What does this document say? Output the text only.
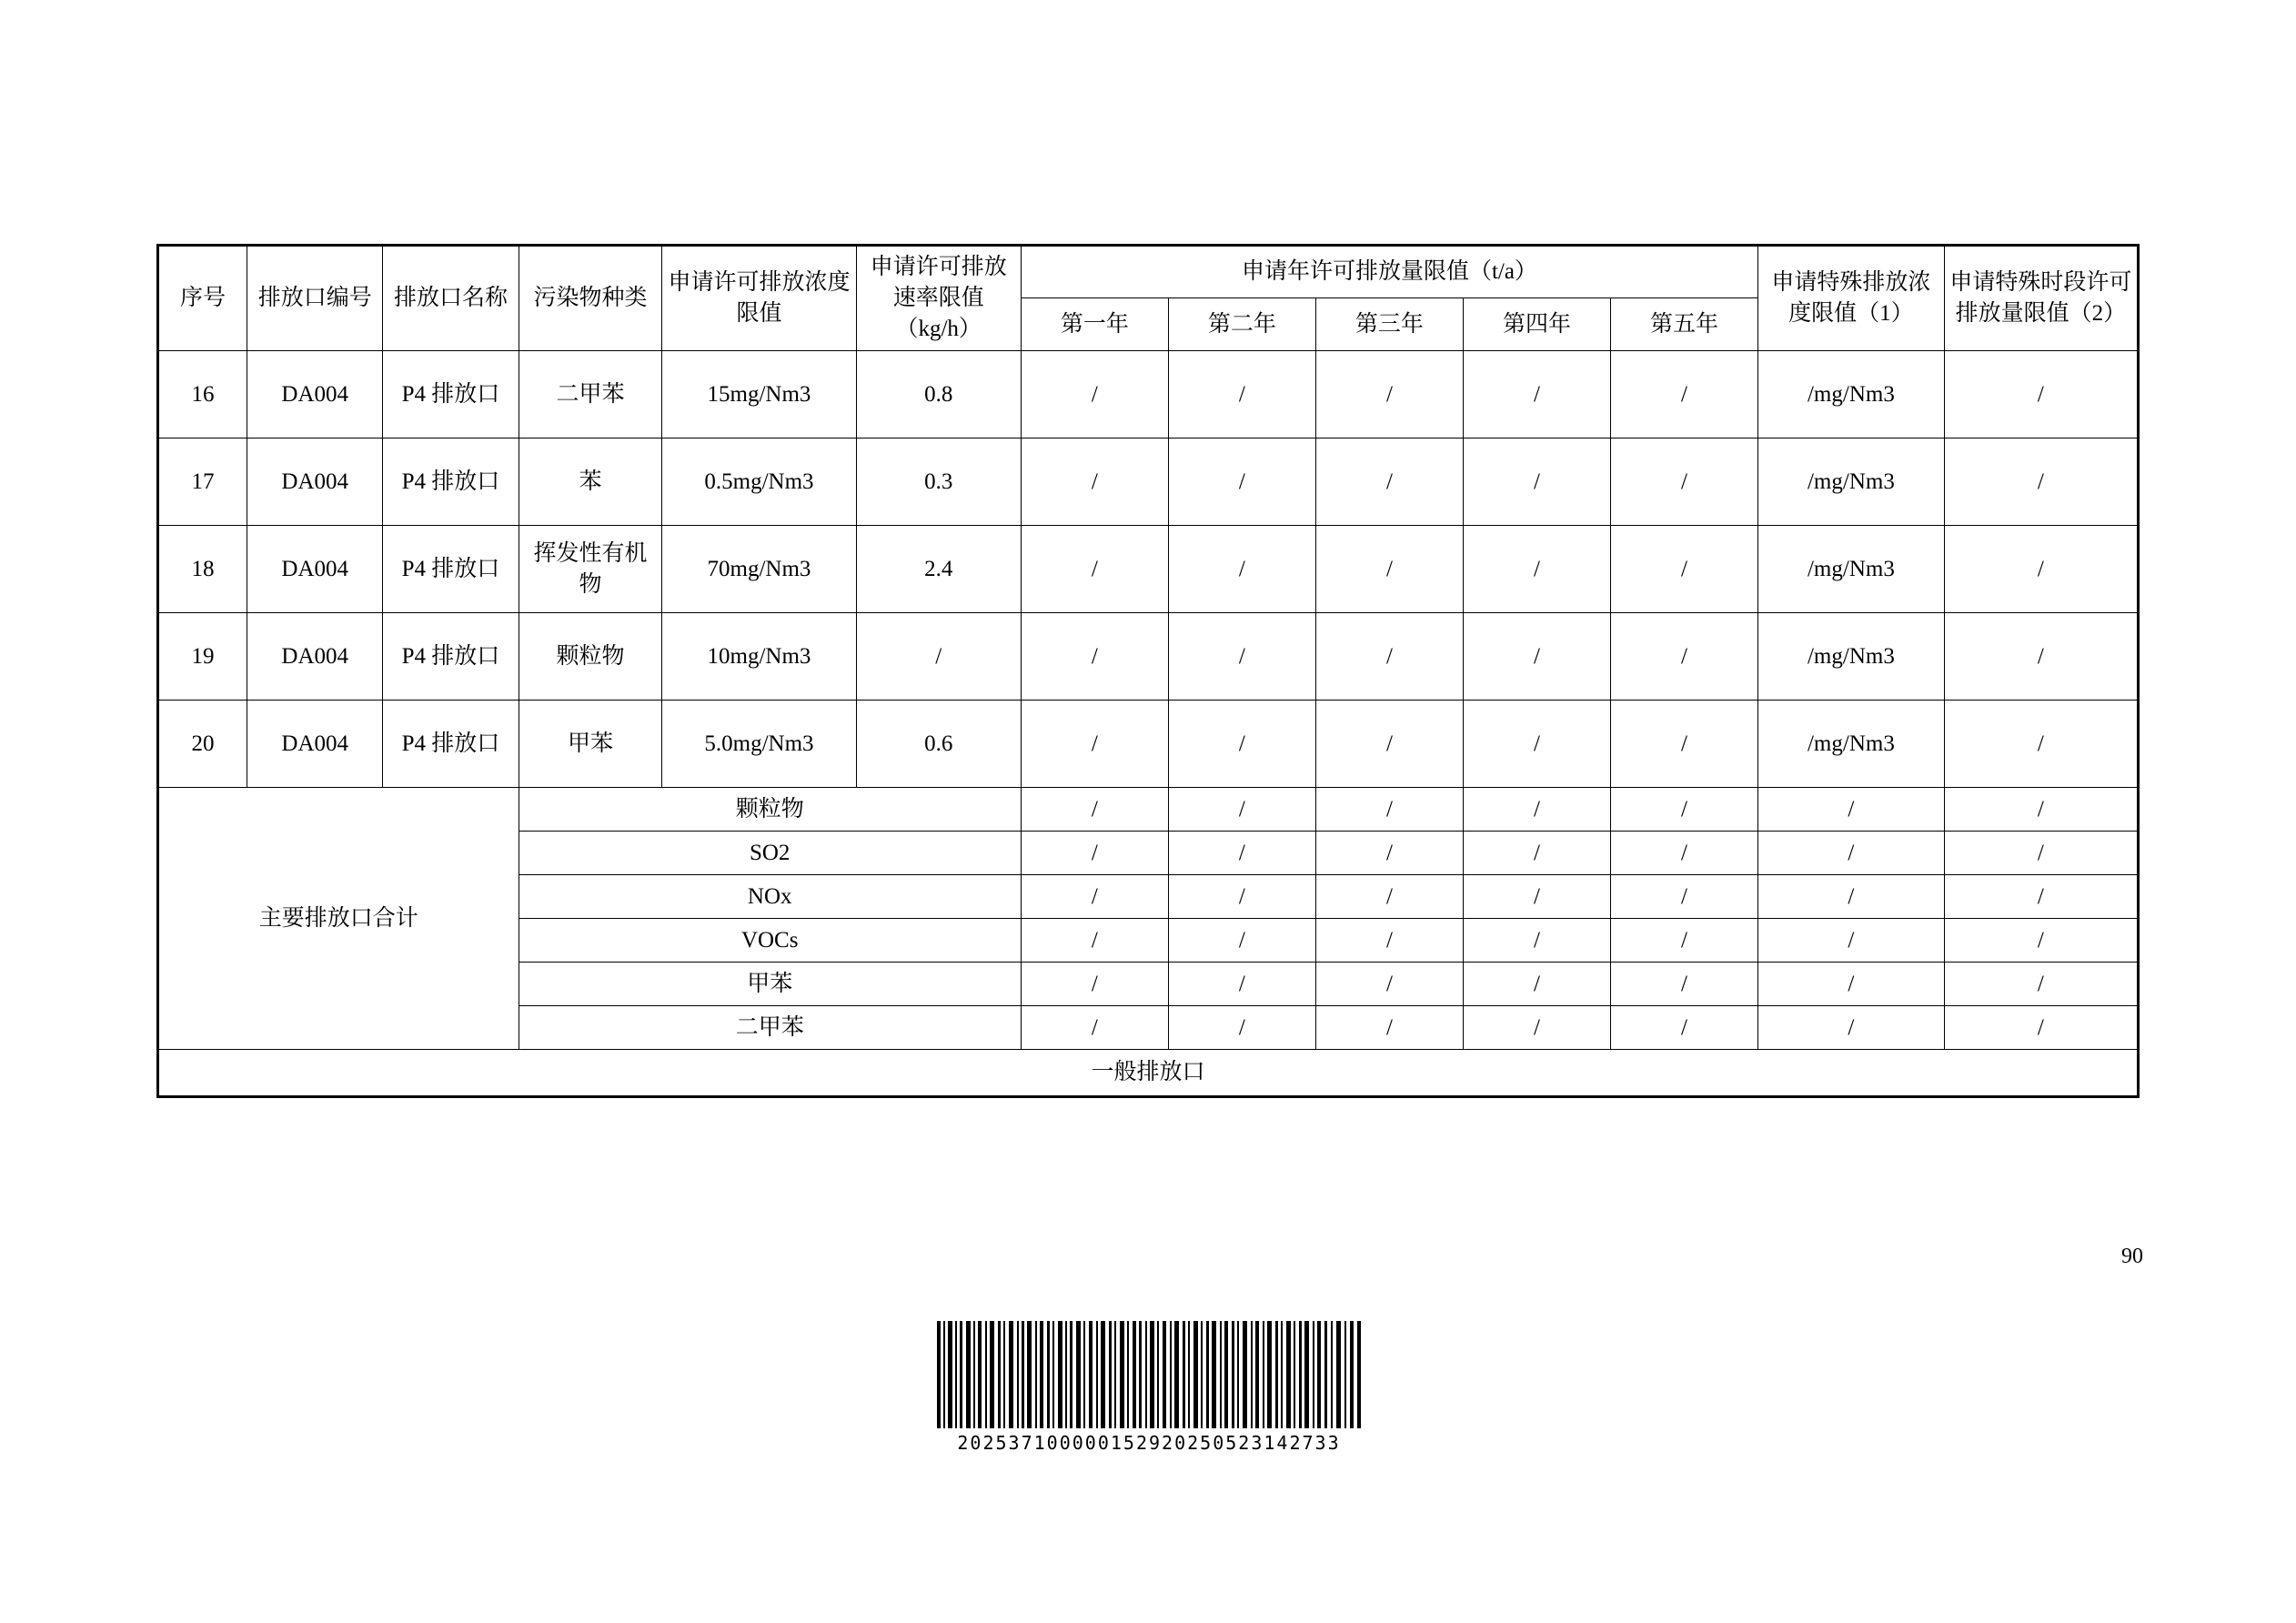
序号	排放口编号	排放口名称	污染物种类	申请许可排放浓度限值	申请许可排放速率限值（kg/h）	申请年许可排放量限值（t/a）					申请特殊排放浓度限值（1）	申请特殊时段许可排放量限值（2）
						第一年	第二年	第三年	第四年	第五年		
16	DA004	P4 排放口	二甲苯	15mg/Nm3	0.8	/	/	/	/	/	/mg/Nm3	/
17	DA004	P4 排放口	苯	0.5mg/Nm3	0.3	/	/	/	/	/	/mg/Nm3	/
18	DA004	P4 排放口	挥发性有机物	70mg/Nm3	2.4	/	/	/	/	/	/mg/Nm3	/
19	DA004	P4 排放口	颗粒物	10mg/Nm3	/	/	/	/	/	/	/mg/Nm3	/
20	DA004	P4 排放口	甲苯	5.0mg/Nm3	0.6	/	/	/	/	/	/mg/Nm3	/
主要排放口合计			颗粒物			/	/	/	/	/	/	/
			SO2			/	/	/	/	/	/	/
			NOx			/	/	/	/	/	/	/
			VOCs			/	/	/	/	/	/	/
			甲苯			/	/	/	/	/	/	/
			二甲苯			/	/	/	/	/	/	/
一般排放口												
90
202537100000152920250523142733
